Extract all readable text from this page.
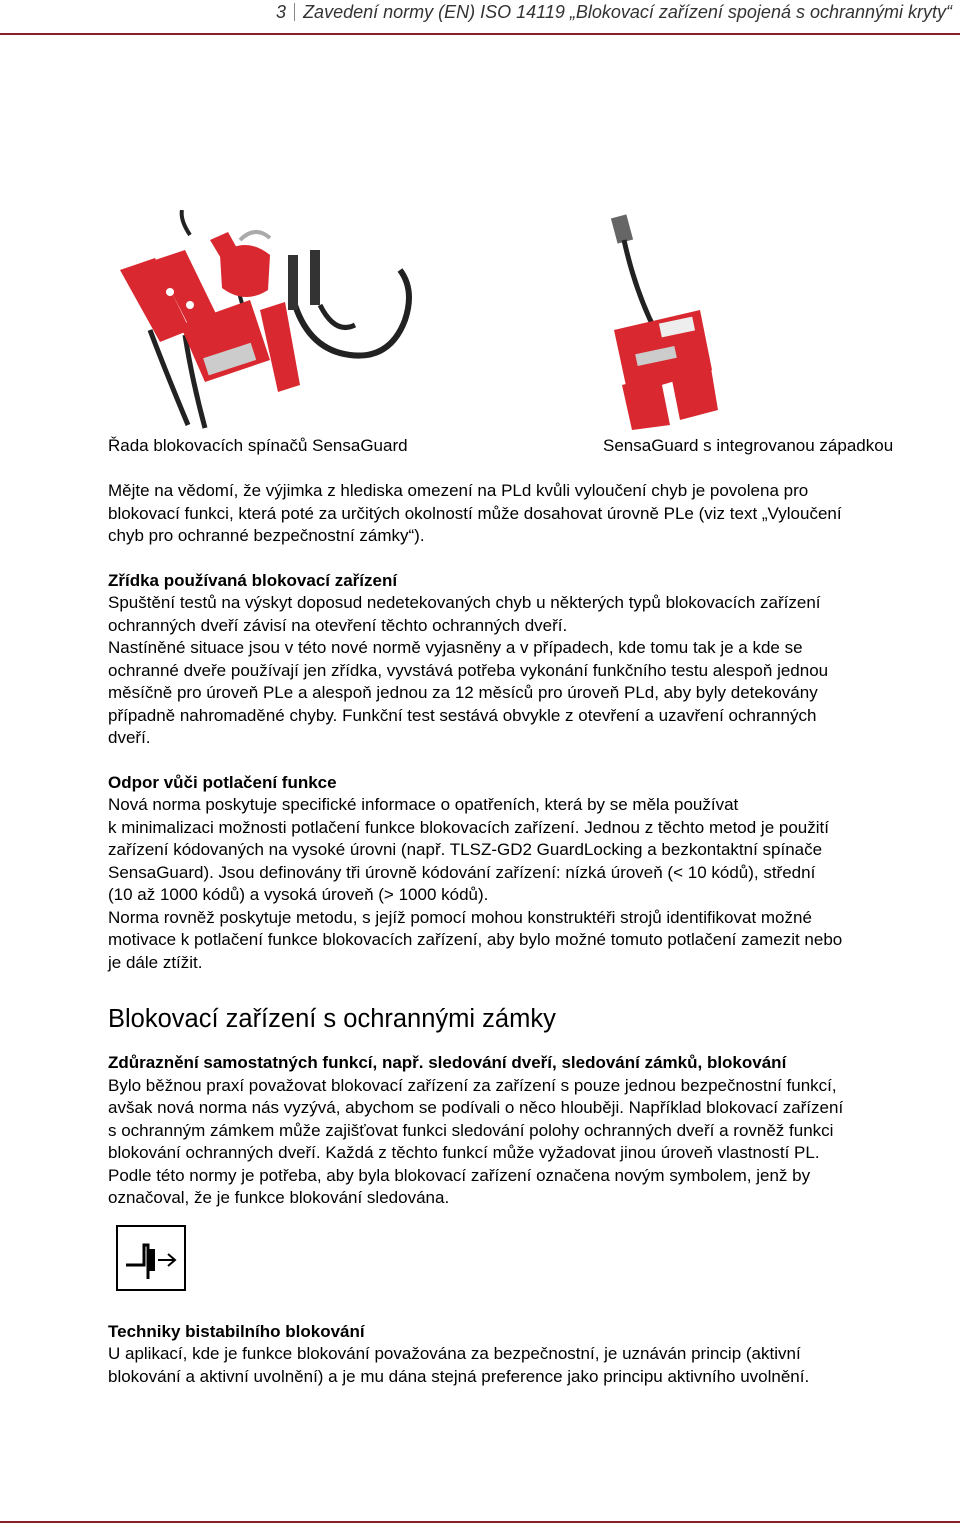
3 Zavedení normy (EN) ISO 14119 „Blokovací zařízení spojená s ochrannými kryty“
Řada blokovacích spínačů SensaGuard	SensaGuard s integrovanou západkou

Mějte na vědomí, že výjimka z hlediska omezení na PLd kvůli vyloučení chyb je povolena pro

blokovací funkci, která poté za určitých okolností může dosahovat úrovně PLe (viz text „Vyloučení

chyb pro ochranné bezpečnostní zámky“).

Zřídka používaná blokovací zařízení

Spuštění testů na výskyt doposud nedetekovaných chyb u některých typů blokovacích zařízení

ochranných dveří závisí na otevření těchto ochranných dveří.

Nastíněné situace jsou v této nové normě vyjasněny a v případech, kde tomu tak je a kde se

ochranné dveře používají jen zřídka, vyvstává potřeba vykonání funkčního testu alespoň jednou

měsíčně pro úroveň PLe a alespoň jednou za 12 měsíců pro úroveň PLd, aby byly detekovány

případně nahromaděné chyby. Funkční test sestává obvykle z otevření a uzavření ochranných

dveří.

Odpor vůči potlačení funkce

Nová norma poskytuje specifické informace o opatřeních, která by se měla používat

k minimalizaci možnosti potlačení funkce blokovacích zařízení. Jednou z těchto metod je použití

zařízení kódovaných na vysoké úrovni (např. TLSZ-GD2 GuardLocking a bezkontaktní spínače

SensaGuard). Jsou definovány tři úrovně kódování zařízení: nízká úroveň (< 10 kódů), střední

(10 až 1000 kódů) a vysoká úroveň (> 1000 kódů).

Norma rovněž poskytuje metodu, s jejíž pomocí mohou konstruktéři strojů identifikovat možné

motivace k potlačení funkce blokovacích zařízení, aby bylo možné tomuto potlačení zamezit nebo

je dále ztížit.

Blokovací zařízení s ochrannými zámky

Zdůraznění samostatných funkcí, např. sledování dveří, sledování zámků, blokování

Bylo běžnou praxí považovat blokovací zařízení za zařízení s pouze jednou bezpečnostní funkcí,

avšak nová norma nás vyzývá, abychom se podívali o něco hlouběji. Například blokovací zařízení

s ochranným zámkem může zajišťovat funkci sledování polohy ochranných dveří a rovněž funkci

blokování ochranných dveří. Každá z těchto funkcí může vyžadovat jinou úroveň vlastností PL.

Podle této normy je potřeba, aby byla blokovací zařízení označena novým symbolem, jenž by

označoval, že je funkce blokování sledována.

Techniky bistabilního blokování

U aplikací, kde je funkce blokování považována za bezpečnostní, je uznáván princip (aktivní

blokování a aktivní uvolnění) a je mu dána stejná preference jako principu aktivního uvolnění.
